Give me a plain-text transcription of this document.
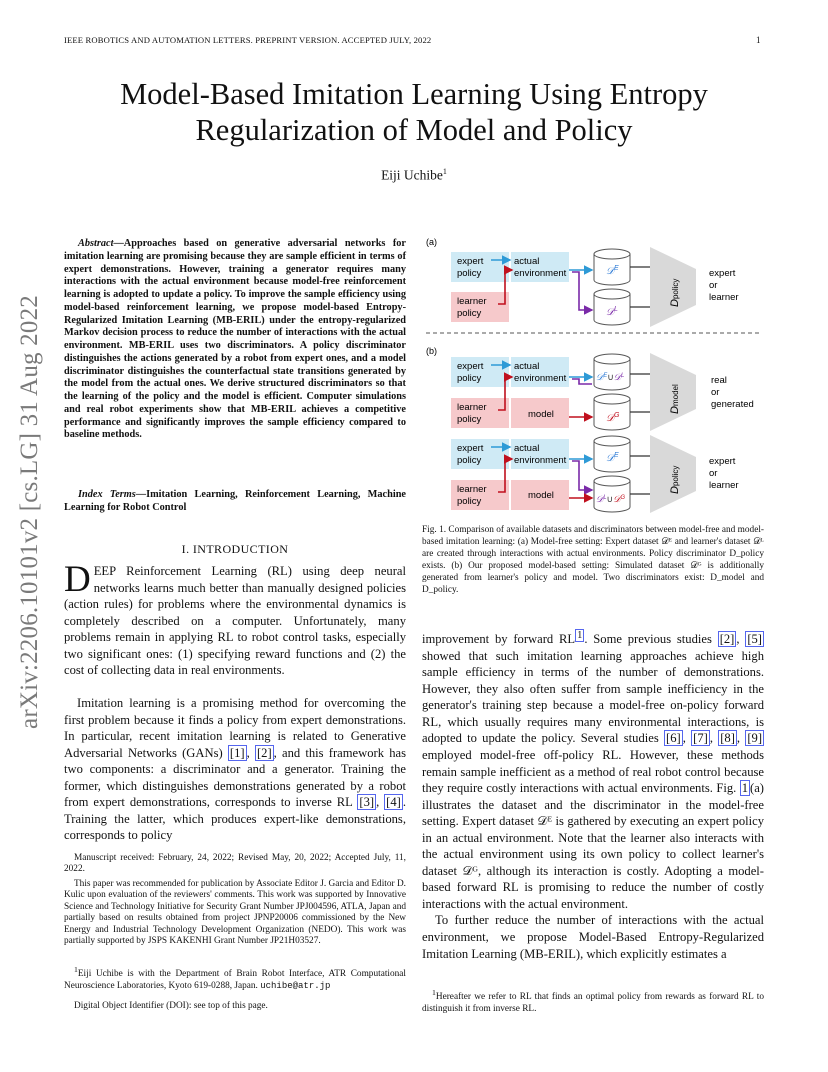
IEEE ROBOTICS AND AUTOMATION LETTERS. PREPRINT VERSION. ACCEPTED JULY, 2022	1
Model-Based Imitation Learning Using Entropy
Regularization of Model and Policy
Eiji Uchibe$^1$
arXiv:2206.10101v2 [cs.LG] 31 Aug 2022
Abstract—Approaches based on generative adversarial networks for imitation learning are promising because they are sample efficient in terms of expert demonstrations. However, training a generator requires many interactions with the actual environment because model-free reinforcement learning is adopted to update a policy. To improve the sample efficiency using model-based reinforcement learning, we propose model-based Entropy-Regularized Imitation Learning (MB-ERIL) under the entropy-regularized Markov decision process to reduce the number of interactions with the actual environment. MB-ERIL uses two discriminators. A policy discriminator distinguishes the actions generated by a robot from expert ones, and a model discriminator distinguishes the counterfactual state transitions generated by the model from the actual ones. We derive structured discriminators so that the learning of the policy and the model is efficient. Computer simulations and real robot experiments show that MB-ERIL achieves a competitive performance and significantly improves the sample efficiency compared to baseline methods.
Index Terms—Imitation Learning, Reinforcement Learning, Machine Learning for Robot Control
I. INTRODUCTION
DEEP Reinforcement Learning (RL) using deep neural networks learns much better than manually designed policies (action rules) for problems where the environmental dynamics is completely described on a computer. Unfortunately, many problems remain in applying RL to robot control tasks, especially two significant ones: (1) specifying reward functions and (2) the cost of collecting data in real environments.
Imitation learning is a promising method for overcoming the first problem because it finds a policy from expert demonstrations. In particular, recent imitation learning is related to Generative Adversarial Networks (GANs) [1] , [2] , and this framework has two components: a discriminator and a generator. Training the former, which distinguishes demonstrations generated by a robot from expert demonstrations, corresponds to inverse RL [3] , [4] . Training the latter, which produces expert-like demonstrations, corresponds to policy
Manuscript received: February, 24, 2022; Revised May, 20, 2022; Accepted July, 11, 2022.
This paper was recommended for publication by Associate Editor J. Garcia and Editor D. Kulic upon evaluation of the reviewers' comments. This work was supported by Innovative Science and Technology Initiative for Security Grant Number JPJ004596, ATLA, Japan and partially based on results obtained from project JPNP20006 commissioned by the New Energy and Industrial Technology Development Organization (NEDO). This work was partially supported by JSPS KAKENHI Grant Number JP21H03527.
$^1$Eiji Uchibe is with the Department of Brain Robot Interface, ATR Computational Neuroscience Laboratories, Kyoto 619-0288, Japan. uchibe@atr.jp
Digital Object Identifier (DOI): see top of this page.
(a)
expert
policy
learner
policy
actual
environment	𝒟$^E$
𝒟$^L$
Dpolicy
expert
or
learner
(b)
expert
policy
learner
policy
actual
environment
model
𝒟$^E$∪𝒟$^L$
𝒟$^G$
Dmodel
real
or
generated
expert
policy
learner
policy
actual
environment
model
𝒟$^E$
𝒟$^L$∪𝒟$^G$
Dpolicy
expert
or
learner
Fig. 1. Comparison of available datasets and discriminators between model-free and model-based imitation learning: (a) Model-free setting: Expert dataset 𝒟ᴱ and learner's dataset 𝒟ᴸ are created through interactions with actual environments. Policy discriminator D_policy exists. (b) Our proposed model-based setting: Simulated dataset 𝒟ᴳ is additionally generated from learner's policy and model. Two discriminators exist: D_model and D_policy.
improvement by forward RL $^1$ . Some previous studies [2] , [5] showed that such imitation learning approaches achieve high sample efficiency in terms of the number of demonstrations. However, they also often suffer from sample inefficiency in the generator's training step because a model-free on-policy forward RL, which usually requires many environmental interactions, is adopted to update the policy. Several studies [6] , [7] , [8] , [9] employed model-free off-policy RL. However, these methods remain sample inefficient as a method of real robot control because they require costly interactions with actual environments. Fig. 1 (a) illustrates the dataset and the discriminator in the model-free setting. Expert dataset 𝒟ᴱ is gathered by executing an expert policy in an actual environment. Note that the learner also interacts with the actual environment using its own policy to collect learner's dataset 𝒟ᴳ, although its interaction is costly. Adopting a model-based forward RL is promising to reduce the number of costly interactions with the actual environment.
To further reduce the number of interactions with the actual environment, we propose Model-Based Entropy-Regularized Imitation Learning (MB-ERIL), which explicitly estimates a
$^1$Hereafter we refer to RL that finds an optimal policy from rewards as forward RL to distinguish it from inverse RL.
